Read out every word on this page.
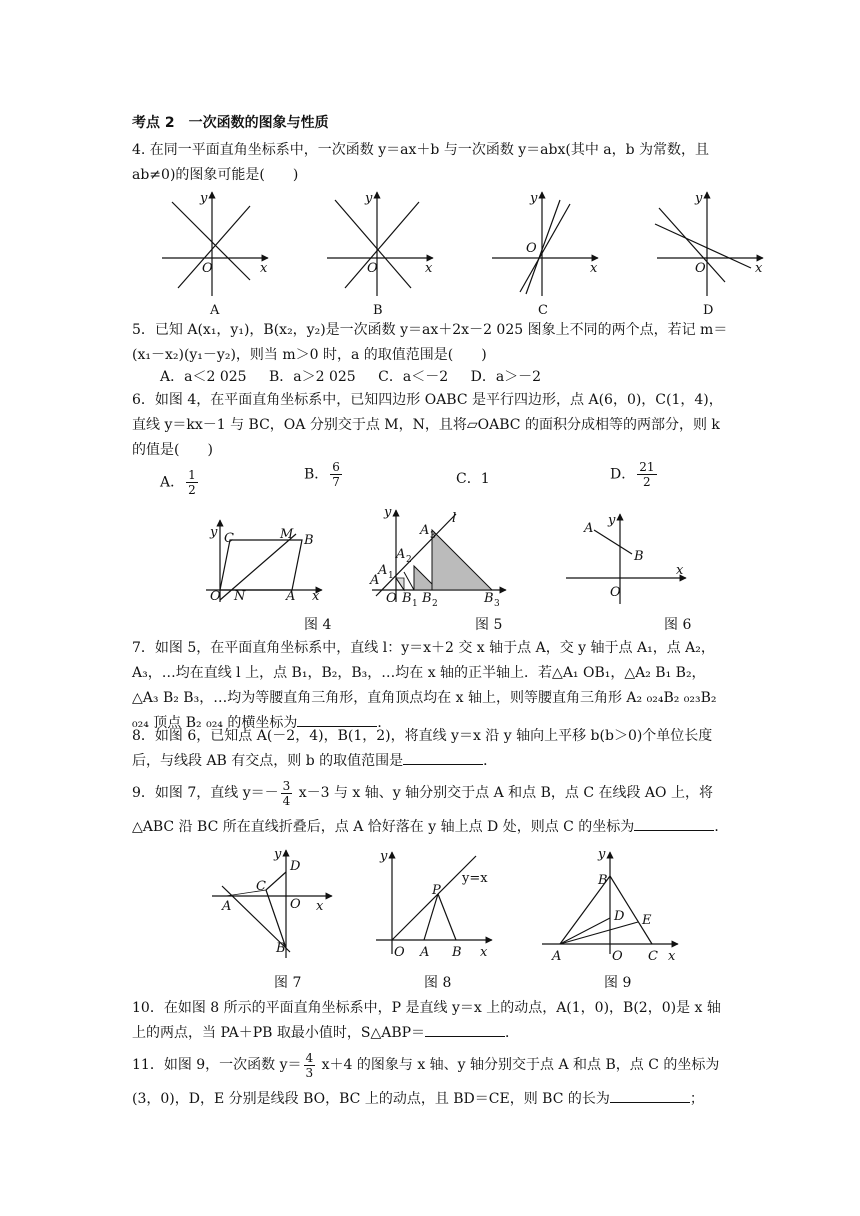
考点 2　一次函数的图象与性质
4. 在同一平面直角坐标系中，一次函数 y＝ax＋b 与一次函数 y＝abx(其中 a，b 为常数，且 ab≠0)的图象可能是(　　)
O	x
y
A
O	x
y
B
O
x
y
C
O	x
y
D
5．已知 A(x₁，y₁)，B(x₂，y₂)是一次函数 y＝ax＋2x－2 025 图象上不同的两个点，若记 m＝(x₁－x₂)(y₁－y₂)，则当 m＞0 时，a 的取值范围是(　　)
A．a＜2 025 B．a＞2 025 C．a＜－2 D．a＞－2
6．如图 4，在平面直角坐标系中，已知四边形 OABC 是平行四边形，点 A(6，0)，C(1，4)，直线 y＝kx－1 与 BC，OA 分别交于点 M，N，且将▱OABC 的面积分成相等的两部分，则 k 的值是(　　)
A． $\frac{1}{2}$	B． $\frac{6}{7}$	C．1	D． $\frac{21}{2}$
y C	M B
O N	A x
y	l
A 3
A 2
A 1
A
O B 1 B 2	B 3
A
B
O
x
y
图 4	图 5	图 6
7．如图 5，在平面直角坐标系中，直线 l：y＝x＋2 交 x 轴于点 A，交 y 轴于点 A₁，点 A₂，A₃，…均在直线 l 上，点 B₁，B₂，B₃，…均在 x 轴的正半轴上．若△A₁ OB₁，△A₂ B₁ B₂，△A₃ B₂ B₃，…均为等腰直角三角形，直角顶点均在 x 轴上，则等腰直角三角形 A₂ ₀₂₄B₂ ₀₂₃B₂ ₀₂₄ 顶点 B₂ ₀₂₄ 的横坐标为	．
8．如图 6，已知点 A(－2，4)，B(1，2)，将直线 y＝x 沿 y 轴向上平移 b(b＞0)个单位长度后，与线段 AB 有交点，则 b 的取值范围是	．
9．如图 7，直线 $y=- \frac{3}{4} x-3$ 与 x 轴、y 轴分别交于点 A 和点 B，点 C 在线段 AO 上，将△ABC 沿 BC 所在直线折叠后，点 A 恰好落在 y 轴上点 D 处，则点 C 的坐标为	．
D
y
C
A	O x
B
y
y=x
P
O A B x
y
B
D E
A	O C x
图 7	图 8	图 9
10．在如图 8 所示的平面直角坐标系中，P 是直线 y＝x 上的动点，A(1，0)，B(2，0)是 x 轴上的两点，当 PA＋PB 取最小值时，S△ABP＝	．
11．如图 9，一次函数 $y= \frac{4}{3} x+4$ 的图象与 x 轴、y 轴分别交于点 A 和点 B，点 C 的坐标为(3，0)，D，E 分别是线段 BO，BC 上的动点，且 BD＝CE，则 BC 的长为	；
